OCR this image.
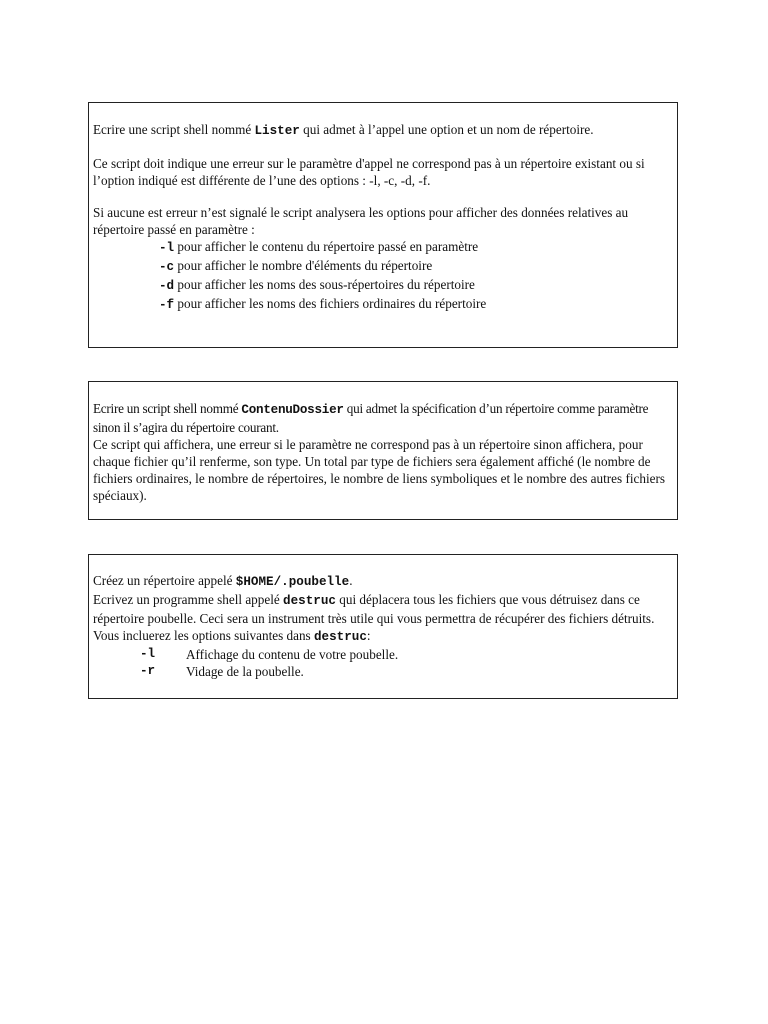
Ecrire une script shell nommé Lister qui admet à l’appel une option et un nom de répertoire.

Ce script doit indique une erreur sur le paramètre d'appel ne correspond pas à un répertoire existant ou si l’option indiqué est différente de l’une des options : -l, -c, -d, -f.

Si aucune est erreur n’est signalé le script analysera les options pour afficher des données relatives au répertoire passé en paramètre :

-l pour afficher le contenu du répertoire passé en paramètre

-c pour afficher le nombre d'éléments du répertoire

-d pour afficher les noms des sous-répertoires du répertoire

-f pour afficher les noms des fichiers ordinaires du répertoire

Ecrire un script shell nommé ContenuDossier qui admet la spécification d’un répertoire comme paramètre sinon il s’agira du répertoire courant.

Ce script qui affichera, une erreur si le paramètre ne correspond pas à un répertoire sinon affichera, pour chaque fichier qu’il renferme, son type. Un total par type de fichiers sera également affiché (le nombre de fichiers ordinaires, le nombre de répertoires, le nombre de liens symboliques et le nombre des autres fichiers spéciaux).

Créez un répertoire appelé $HOME/.poubelle.

Ecrivez un programme shell appelé destruc qui déplacera tous les fichiers que vous détruisez dans ce répertoire poubelle. Ceci sera un instrument très utile qui vous permettra de récupérer des fichiers détruits. Vous incluerez les options suivantes dans destruc:

-l	Affichage du contenu de votre poubelle.
-r	Vidage de la poubelle.
